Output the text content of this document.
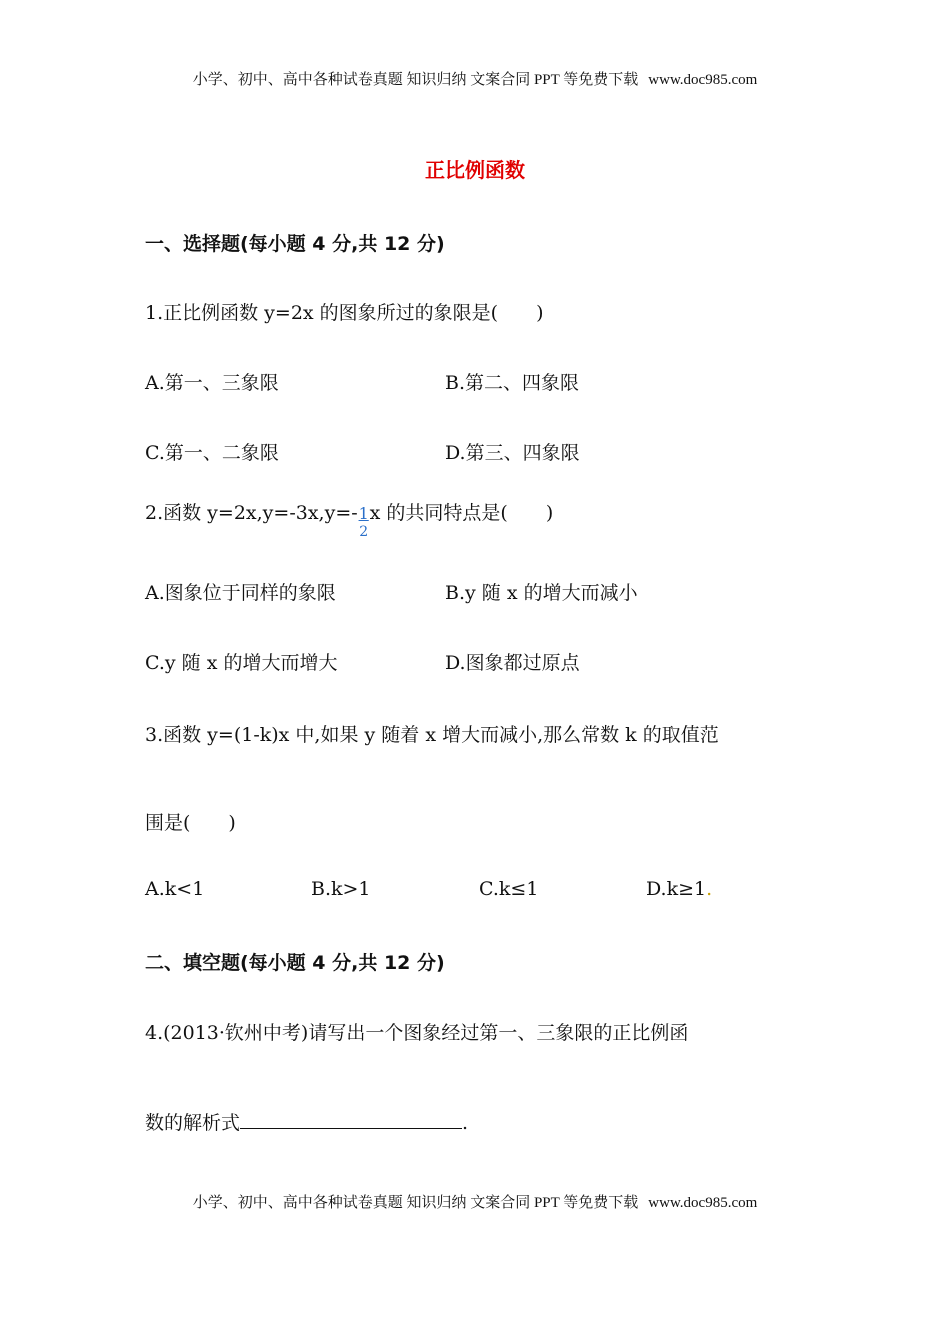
小学、初中、高中各种试卷真题 知识归纳 文案合同 PPT 等免费下载 www.doc985.com
正比例函数
一、选择题(每小题 4 分,共 12 分)
1.正比例函数 y=2x 的图象所过的象限是(　　)
A.第一、三象限	B.第二、四象限
C.第一、二象限	D.第三、四象限
2.函数 $y=2x,y=-3x,y=-\frac{1}{2}$ x 的共同特点是(　　)
A.图象位于同样的象限	B.y 随 x 的增大而减小
C.y 随 x 的增大而增大	D.图象都过原点
3.函数 y=(1-k)x 中,如果 y 随着 x 增大而减小,那么常数 k 的取值范
围是(　　)
A.k<1	B.k>1	C.k≤1	D.k≥1.
二、填空题(每小题 4 分,共 12 分)
4.(2013·钦州中考)请写出一个图象经过第一、三象限的正比例函
数的解析式	.
小学、初中、高中各种试卷真题 知识归纳 文案合同 PPT 等免费下载 www.doc985.com
